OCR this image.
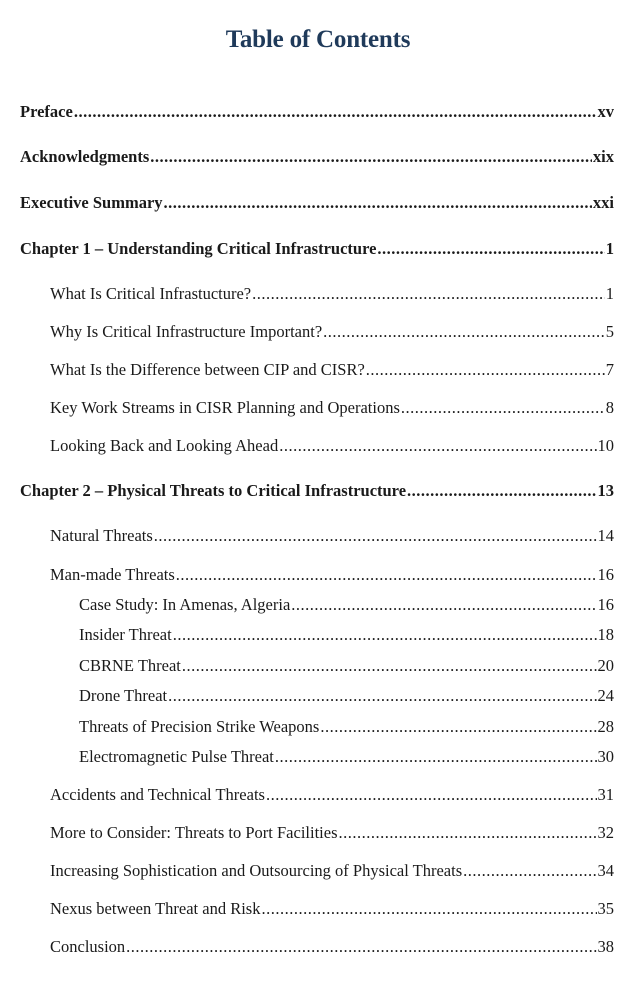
Table of Contents
Preface .....	xv
Acknowledgments .....	xix
Executive Summary .....	xxi
Chapter 1 – Understanding Critical Infrastructure .....	1
What Is Critical Infrastucture? .....	1
Why Is Critical Infrastructure Important? .....	5
What Is the Difference between CIP and CISR? .....	7
Key Work Streams in CISR Planning and Operations .....	8
Looking Back and Looking Ahead .....	10
Chapter 2 – Physical Threats to Critical Infrastructure .....	13
Natural Threats .....	14
Man-made Threats .....	16
Case Study: In Amenas, Algeria .....	16
Insider Threat .....	18
CBRNE Threat .....	20
Drone Threat .....	24
Threats of Precision Strike Weapons .....	28
Electromagnetic Pulse Threat .....	30
Accidents and Technical Threats .....	31
More to Consider: Threats to Port Facilities .....	32
Increasing Sophistication and Outsourcing of Physical Threats .....	34
Nexus between Threat and Risk .....	35
Conclusion .....	38
